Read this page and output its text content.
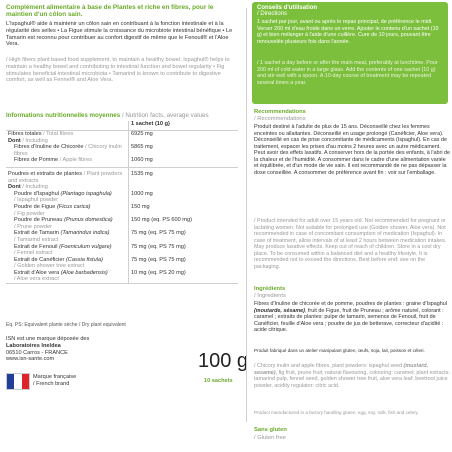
Complément alimentaire à base de Plantes et riche en fibres, pour le maintien d'un côlon sain.
L'Ispaghul® aide à maintenir un côlon sain en contribuant à la fonction intestinale et à la régularité des selles • La Figue stimule la croissance du microbiote intestinal bénéfique • Le Tamarin est reconnu pour contribuer au confort digestif de même que le Fenouil® et l'Aloe Vera.
/ High fibers plant based food supplement, to maintain a healthy bowel. Ispaghul® helps to maintain a healthy bowel and contributing to intestinal function and bowel regularity • Fig stimulates beneficial intestinal microbiota • Tamarind is known to contribute to digestive comfort, as well as Fennel® and Aloe Vera.
Informations nutritionnelles moyennes / Nutrition facts, average values
	1 sachet (10 g)
Fibres totales / Total fibres	6925 mg
Dont / Including	
Fibres d'Inuline de Chicorée / Chicory inulin fibres	5865 mg
Fibres de Pomme / Apple fibres	1060 mg
Poudres et extraits de plantes / Plant powders and extracts	1535 mg
Dont / Including	
Poudre d'Ispaghul (Plantago ispaghula)
/ Ispaghul powder	1000 mg
Poudre de Figue (Ficus carica)
/ Fig powder	150 mg
Poudre de Pruneau (Prunus domestica)
/ Prune powder	150 mg (eq. PS 600 mg)
Extrait de Tamarin (Tamarindus indica)
/ Tamarind extract	75 mg (eq. PS 75 mg)
Extrait de Fenouil (Foeniculum vulgare)
/ Fennel extract	75 mg (eq. PS 75 mg)
Extrait de Canéficier (Cassia fistula)
/ Golden shower tree extract	75 mg (eq. PS 75 mg)
Extrait d'Aloe vera (Aloe barbadensis)
/ Aloe vera extract	10 mg (eq. PS 20 mg)
Eq. PS: Equivalent plante sèche / Dry plant equivalent
ISN est une marque déposée des
Laboratoires Ineldea
06510 Carros - FRANCE
www.isn-sante.com
Marque française
/ French brand
100 g
10 sachets
Conseils d'utilisation
/ Directions
1 sachet par jour, avant ou après le repas principal, de préférence le midi. Verser 200 ml d'eau froide dans un verre. Ajouter le contenu d'un sachet (10 g) et bien mélanger à l'aide d'une cuillère. Cure de 10 jours, pouvant être renouvelée plusieurs fois dans l'année.
/ 1 sachet a day before or after the main meal, preferably at lunchtime. Pour 200 ml of cold water in a large glass. Add the contents of one sachet (10 g) and stir well with a spoon. A 10-day course of treatment may be repeated several times a year.
Recommendations
/ Recommendations
Produit destiné à l'adulte de plus de 15 ans. Déconseillé chez les femmes enceintes ou allaitantes. Déconseillé en usage prolongé (Canéficier, Aloe vera). Déconseillé en cas de prise concomitante de médicaments (Ispaghul). En cas de traitement, espacer les prises d'au moins 2 heures avec un autre médicament. Peut avoir des effets laxatifs. A conserver hors de la portée des enfants, à l'abri de la chaleur et de l'humidité. A consommer dans le cadre d'une alimentation variée et équilibrée, et d'un mode de vie sain. Il est recommandé de ne pas dépasser la dose conseillée. A consommer de préférence avant fin : voir sur l'emballage.
/ Product intended for adult over 15 years old. Not recommended for pregnant or lactating women. Not suitable for prolonged use (Golden shower, Aloe vera). Not recommended in case of concomitant consumption of medication (Ispaghul). In case of treatment, allow intervals of at least 2 hours between medication intakes. May produce laxative effects. Keep out of reach of children. Store in a cool dry place. To be consumed within a balanced diet and a healthy lifestyle. It is recommended not to exceed the directions. Best before end: see on the packaging.
Ingrédients
/ Ingredients
Fibres d'Inuline de chicorée et de pomme, poudres de plantes : graine d'Ispaghul (moutarde, sésame), fruit de Figue, fruit de Pruneau ; arôme naturel, colorant : caramel ; extraits de plantes: pulpe de tamarin, semence de Fenouil, fruit de Canéficier, feuille d'Aloe vera ; poudre de jus de betterave, correcteur d'acidité : acide citrique.
Produit fabriqué dans un atelier manipulant gluten, œufs, soja, lait, poisson et céleri.
/ Chicory inulin and apple fibres, plant powders: ispaghul seed (mustard, sesame), fig fruit, prune fruit; natural flavouring, colouring: caramel; plant extracts: tamarind pulp, fennel seed, golden shower tree fruit, aloe vera leaf; beetroot juice powder, acidity regulator: citric acid.
Product manufactured in a factory handling gluten, egg, soy, milk, fish and celery.
Sans gluten
/ Gluten free
